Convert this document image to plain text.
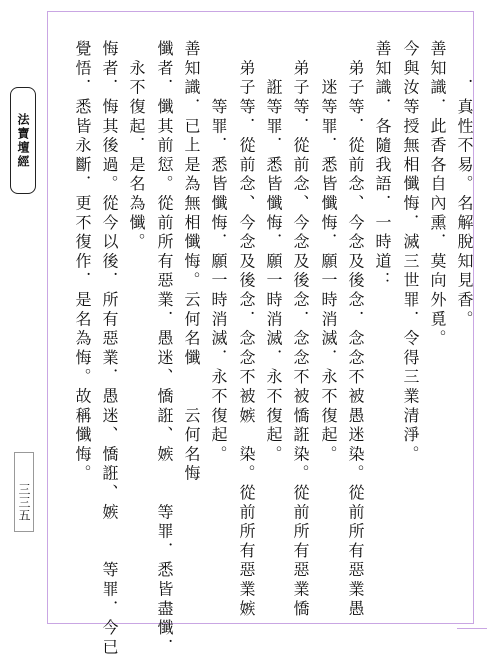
法寶壇經
三三五
　　．真性不易。名解脫知見香。
善知識．此香各自內熏．莫向外覓。
今與汝等授無相懺悔．滅三世罪．令得三業清淨。
善知識．各隨我語．一時道：
　弟子等．從前念、今念及後念．念念不被愚迷染。從前所有惡業愚
　　迷等罪．悉皆懺悔．願一時消滅．永不復起。
　弟子等．從前念、今念及後念．念念不被憍誑染。從前所有惡業憍
　　誑等罪．悉皆懺悔．願一時消滅．永不復起。
　弟子等．從前念、今念及後念．念念不被嫉　染。從前所有惡業嫉
　　　等罪．悉皆懺悔．願一時消滅．永不復起。
善知識．已上是為無相懺悔。云何名懺　　云何名悔
懺者．懺其前愆。從前所有惡業．愚迷、憍誑、嫉　　等罪．悉皆盡懺．
　永不復起．是名為懺。
悔者．悔其後過。從今以後．所有惡業．愚迷、憍誑、嫉　　等罪．今已
覺悟．悉皆永斷．更不復作．是名為悔。故稱懺悔。
